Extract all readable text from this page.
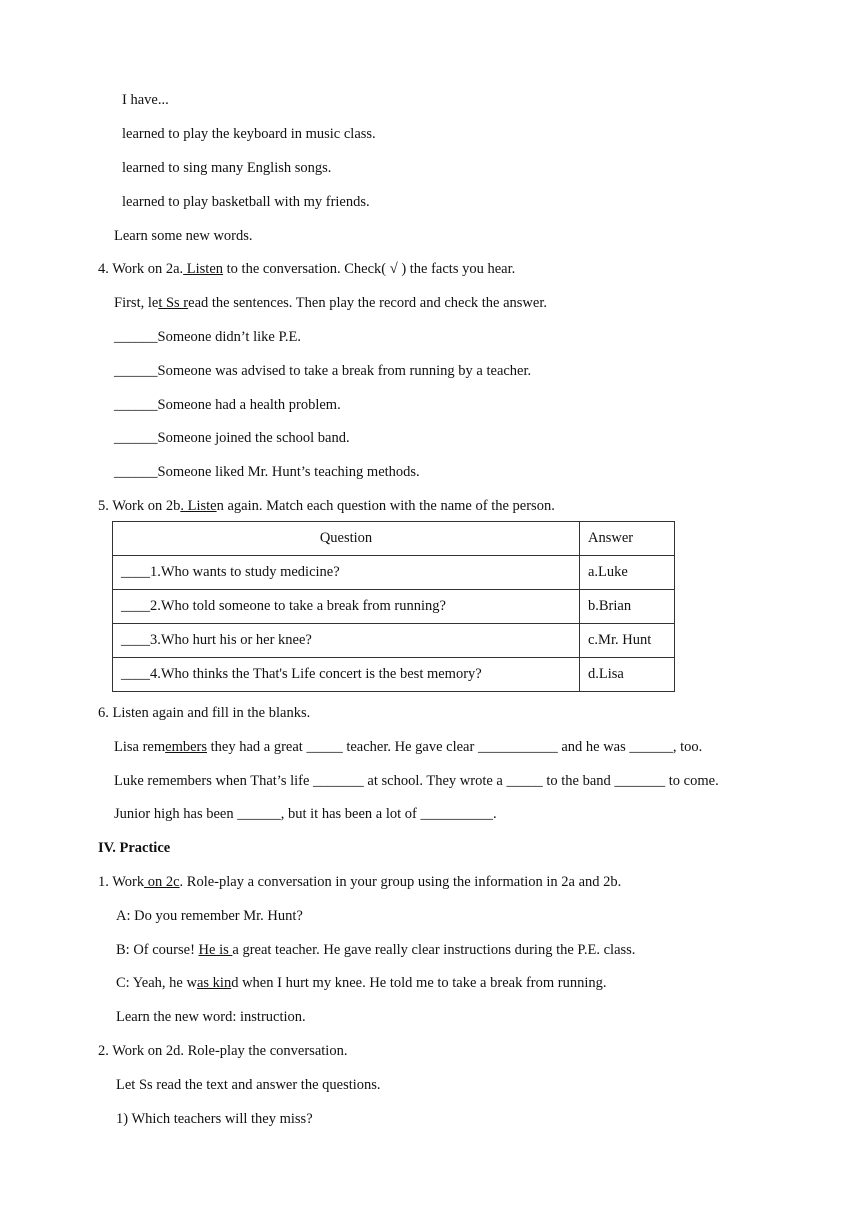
I have...
learned to play the keyboard in music class.
learned to sing many English songs.
learned to play basketball with my friends.
Learn some new words.
4. Work on 2a. Listen to the conversation. Check( √ ) the facts you hear.
First, let Ss read the sentences. Then play the record and check the answer.
______Someone didn’t like P.E.
______Someone was advised to take a break from running by a teacher.
______Someone had a health problem.
______Someone joined the school band.
______Someone liked Mr. Hunt’s teaching methods.
5. Work on 2b. Listen again. Match each question with the name of the person.
Question	Answer
____1.Who wants to study medicine?	a.Luke
____2.Who told someone to take a break from running?	b.Brian
____3.Who hurt his or her knee?	c.Mr. Hunt
____4.Who thinks the That's Life concert is the best memory?	d.Lisa
6. Listen again and fill in the blanks.
Lisa remembers they had a great _____ teacher. He gave clear ___________ and he was ______, too.
Luke remembers when That’s life _______ at school. They wrote a _____ to the band _______ to come.
Junior high has been ______, but it has been a lot of __________.
IV. Practice
1. Work on 2c. Role-play a conversation in your group using the information in 2a and 2b.
A: Do you remember Mr. Hunt?
B: Of course! He is a great teacher. He gave really clear instructions during the P.E. class.
C: Yeah, he was kind when I hurt my knee. He told me to take a break from running.
Learn the new word: instruction.
2. Work on 2d. Role-play the conversation.
Let Ss read the text and answer the questions.
1) Which teachers will they miss?
